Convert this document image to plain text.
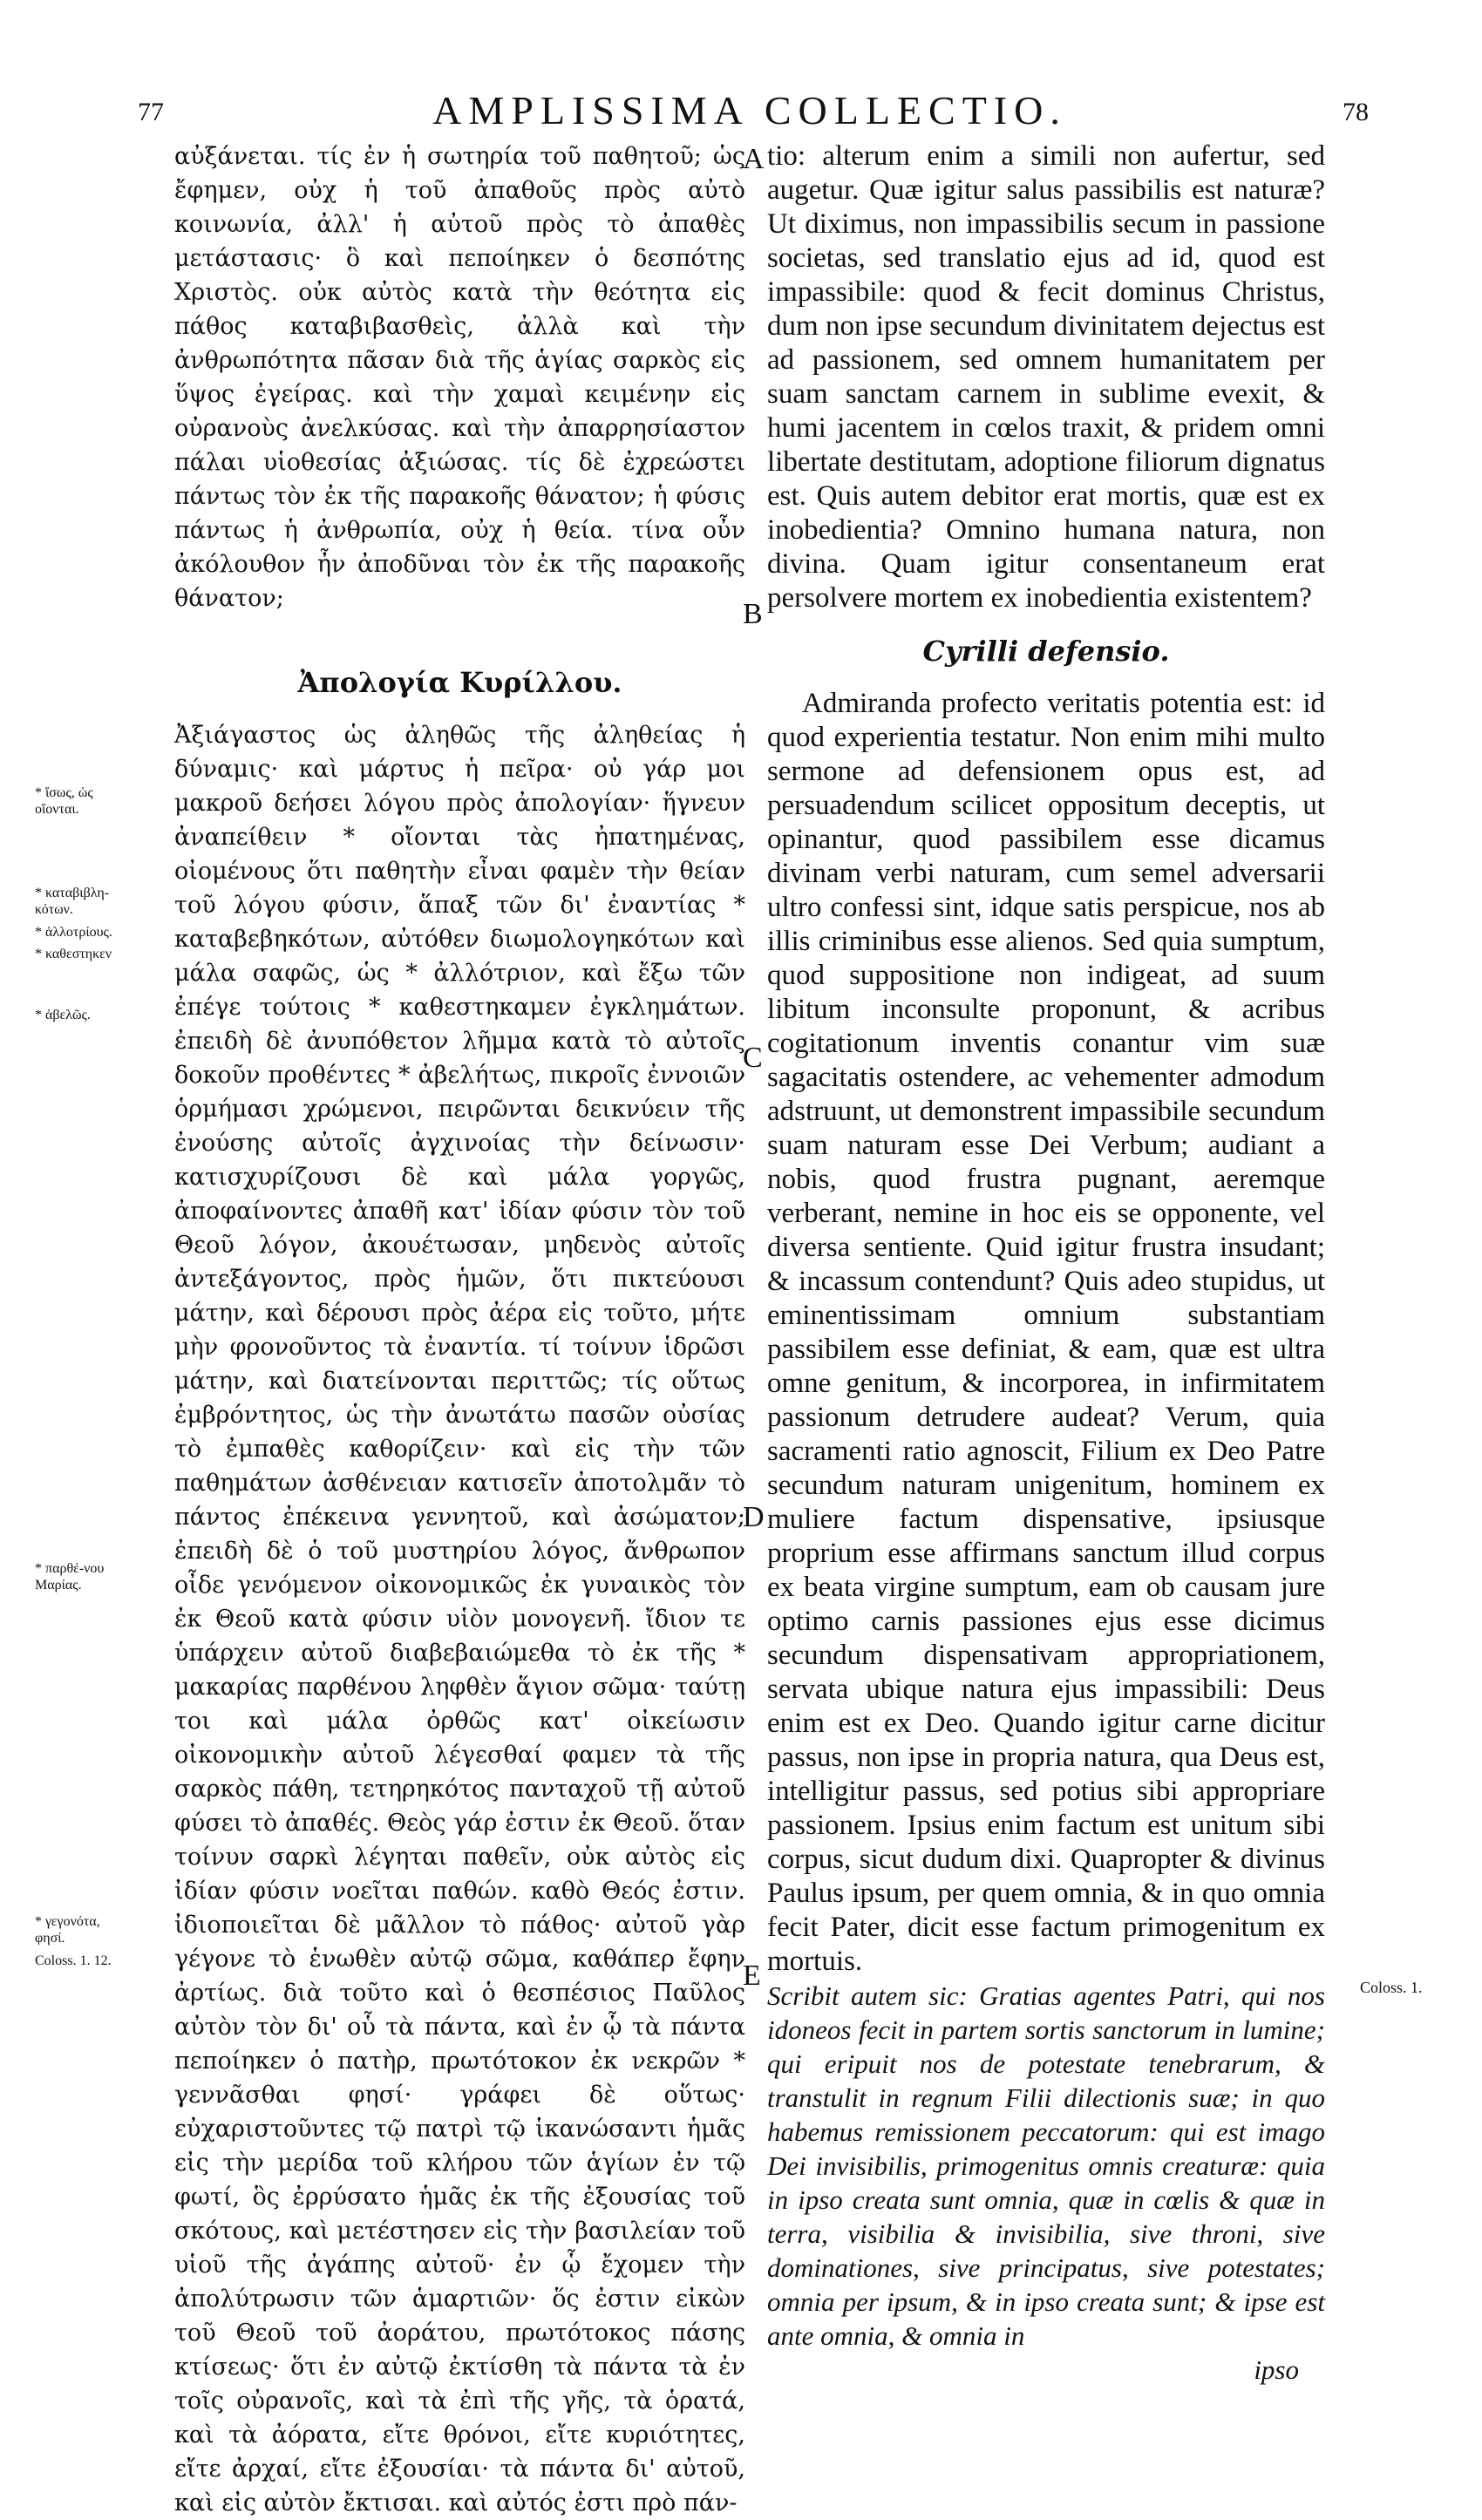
77	AMPLISSIMA COLLECTIO.	78
* ἴσως, ὡς οἴονται.
* καταβιβλη-κότων.
* ἀλλοτρίους.
* καθεστηκεν
* ἀβελῶς.
* παρθέ-νου Μαρίας.
* γεγονότα, φησί.
Coloss. 1. 12.
Coloss. 1.
A
B
C
D
E

αὐξάνεται. τίς ἐν ἡ σωτηρία τοῦ παθητοῦ; ὡς ἔφημεν, οὐχ ἡ τοῦ ἀπαθοῦς πρὸς αὐτὸ κοινωνία, ἀλλ' ἡ αὐτοῦ πρὸς τὸ ἀπαθὲς μετάστασις· ὃ καὶ πεποίηκεν ὁ δεσπότης Χριστὸς. οὐκ αὐτὸς κατὰ τὴν θεότητα εἰς πάθος καταβιβασθεὶς, ἀλλὰ καὶ τὴν ἀνθρωπότητα πᾶσαν διὰ τῆς ἁγίας σαρκὸς εἰς ὕψος ἐγείρας. καὶ τὴν χαμαὶ κειμένην εἰς οὐρανοὺς ἀνελκύσας. καὶ τὴν ἀπαρρησίαστον πάλαι υἱοθεσίας ἀξιώσας. τίς δὲ ἐχρεώστει πάντως τὸν ἐκ τῆς παρακοῆς θάνατον; ἡ φύσις πάντως ἡ ἀνθρωπία, οὐχ ἡ θεία. τίνα οὖν ἀκόλουθον ἦν ἀποδῦναι τὸν ἐκ τῆς παρακοῆς θάνατον;

Ἀπολογία Κυρίλλου.

Ἀξιάγαστος ὡς ἀληθῶς τῆς ἀληθείας ἡ δύναμις· καὶ μάρτυς ἡ πεῖρα· οὐ γάρ μοι μακροῦ δεήσει λόγου πρὸς ἀπολογίαν· ἥγνευν ἀναπείθειν * οἴονται τὰς ἠπατημένας, οἰομένους ὅτι παθητὴν εἶναι φαμὲν τὴν θείαν τοῦ λόγου φύσιν, ἅπαξ τῶν δι' ἐναντίας * καταβεβηκότων, αὐτόθεν διωμολογηκότων καὶ μάλα σαφῶς, ὡς * ἀλλότριον, καὶ ἔξω τῶν ἐπέγε τούτοις * καθεστηκαμεν ἐγκλημάτων. ἐπειδὴ δὲ ἀνυπόθετον λῆμμα κατὰ τὸ αὐτοῖς δοκοῦν προθέντες * ἀβελήτως, πικροῖς ἐννοιῶν ὁρμήμασι χρώμενοι, πειρῶνται δεικνύειν τῆς ἐνούσης αὐτοῖς ἀγχινοίας τὴν δείνωσιν· κατισχυρίζουσι δὲ καὶ μάλα γοργῶς, ἀποφαίνοντες ἀπαθῆ κατ' ἰδίαν φύσιν τὸν τοῦ Θεοῦ λόγον, ἀκουέτωσαν, μηδενὸς αὐτοῖς ἀντεξάγοντος, πρὸς ἡμῶν, ὅτι πικτεύουσι μάτην, καὶ δέρουσι πρὸς ἀέρα εἰς τοῦτο, μήτε μὴν φρονοῦντος τὰ ἐναντία. τί τοίνυν ἱδρῶσι μάτην, καὶ διατείνονται περιττῶς; τίς οὕτως ἐμβρόντητος, ὡς τὴν ἀνωτάτω πασῶν οὐσίας τὸ ἐμπαθὲς καθορίζειν· καὶ εἰς τὴν τῶν παθημάτων ἀσθένειαν κατισεῖν ἀποτολμᾶν τὸ πάντος ἐπέκεινα γεννητοῦ, καὶ ἀσώματον; ἐπειδὴ δὲ ὁ τοῦ μυστηρίου λόγος, ἄνθρωπον οἶδε γενόμενον οἰκονομικῶς ἐκ γυναικὸς τὸν ἐκ Θεοῦ κατὰ φύσιν υἱὸν μονογενῆ. ἴδιον τε ὑπάρχειν αὐτοῦ διαβεβαιώμεθα τὸ ἐκ τῆς * μακαρίας παρθένου ληφθὲν ἅγιον σῶμα· ταύτῃ τοι καὶ μάλα ὀρθῶς κατ' οἰκείωσιν οἰκονομικὴν αὐτοῦ λέγεσθαί φαμεν τὰ τῆς σαρκὸς πάθη, τετηρηκότος πανταχοῦ τῇ αὐτοῦ φύσει τὸ ἀπαθές. Θεὸς γάρ ἐστιν ἐκ Θεοῦ. ὅταν τοίνυν σαρκὶ λέγηται παθεῖν, οὐκ αὐτὸς εἰς ἰδίαν φύσιν νοεῖται παθών. καθὸ Θεός ἐστιν. ἰδιοποιεῖται δὲ μᾶλλον τὸ πάθος· αὐτοῦ γὰρ γέγονε τὸ ἑνωθὲν αὐτῷ σῶμα, καθάπερ ἔφην ἀρτίως. διὰ τοῦτο καὶ ὁ θεσπέσιος Παῦλος αὐτὸν τὸν δι' οὗ τὰ πάντα, καὶ ἐν ᾧ τὰ πάντα πεποίηκεν ὁ πατὴρ, πρωτότοκον ἐκ νεκρῶν * γεννᾶσθαι φησί· γράφει δὲ οὕτως· εὐχαριστοῦντες τῷ πατρὶ τῷ ἱκανώσαντι ἡμᾶς εἰς τὴν μερίδα τοῦ κλήρου τῶν ἁγίων ἐν τῷ φωτί, ὃς ἐρρύσατο ἡμᾶς ἐκ τῆς ἐξουσίας τοῦ σκότους, καὶ μετέστησεν εἰς τὴν βασιλείαν τοῦ υἱοῦ τῆς ἀγάπης αὐτοῦ· ἐν ᾧ ἔχομεν τὴν ἀπολύτρωσιν τῶν ἁμαρτιῶν· ὅς ἐστιν εἰκὼν τοῦ Θεοῦ τοῦ ἀοράτου, πρωτότοκος πάσης κτίσεως· ὅτι ἐν αὐτῷ ἐκτίσθη τὰ πάντα τὰ ἐν τοῖς οὐρανοῖς, καὶ τὰ ἐπὶ τῆς γῆς, τὰ ὁρατά, καὶ τὰ ἀόρατα, εἴτε θρόνοι, εἴτε κυριότητες, εἴτε ἀρχαί, εἴτε ἐξουσίαι· τὰ πάντα δι' αὐτοῦ, καὶ εἰς αὐτὸν ἔκτισαι. καὶ αὐτός ἐστι πρὸ πάν-

tio: alterum enim a simili non aufertur, sed augetur. Quæ igitur salus passibilis est naturæ? Ut diximus, non impassibilis secum in passione societas, sed translatio ejus ad id, quod est impassibile: quod & fecit dominus Christus, dum non ipse secundum divinitatem dejectus est ad passionem, sed omnem humanitatem per suam sanctam carnem in sublime evexit, & humi jacentem in cœlos traxit, & pridem omni libertate destitutam, adoptione filiorum dignatus est. Quis autem debitor erat mortis, quæ est ex inobedientia? Omnino humana natura, non divina. Quam igitur consentaneum erat persolvere mortem ex inobedientia existentem?

Cyrilli defensio.

Admiranda profecto veritatis potentia est: id quod experientia testatur. Non enim mihi multo sermone ad defensionem opus est, ad persuadendum scilicet oppositum deceptis, ut opinantur, quod passibilem esse dicamus divinam verbi naturam, cum semel adversarii ultro confessi sint, idque satis perspicue, nos ab illis criminibus esse alienos. Sed quia sumptum, quod suppositione non indigeat, ad suum libitum inconsulte proponunt, & acribus cogitationum inventis conantur vim suæ sagacitatis ostendere, ac vehementer admodum adstruunt, ut demonstrent impassibile secundum suam naturam esse Dei Verbum; audiant a nobis, quod frustra pugnant, aeremque verberant, nemine in hoc eis se opponente, vel diversa sentiente. Quid igitur frustra insudant; & incassum contendunt? Quis adeo stupidus, ut eminentissimam omnium substantiam passibilem esse definiat, & eam, quæ est ultra omne genitum, & incorporea, in infirmitatem passionum detrudere audeat? Verum, quia sacramenti ratio agnoscit, Filium ex Deo Patre secundum naturam unigenitum, hominem ex muliere factum dispensative, ipsiusque proprium esse affirmans sanctum illud corpus ex beata virgine sumptum, eam ob causam jure optimo carnis passiones ejus esse dicimus secundum dispensativam appropriationem, servata ubique natura ejus impassibili: Deus enim est ex Deo. Quando igitur carne dicitur passus, non ipse in propria natura, qua Deus est, intelligitur passus, sed potius sibi appropriare passionem. Ipsius enim factum est unitum sibi corpus, sicut dudum dixi. Quapropter & divinus Paulus ipsum, per quem omnia, & in quo omnia fecit Pater, dicit esse factum primogenitum ex mortuis.

Scribit autem sic: Gratias agentes Patri, qui nos idoneos fecit in partem sortis sanctorum in lumine; qui eripuit nos de potestate tenebrarum, & transtulit in regnum Filii dilectionis suæ; in quo habemus remissionem peccatorum: qui est imago Dei invisibilis, primogenitus omnis creaturæ: quia in ipso creata sunt omnia, quæ in cœlis & quæ in terra, visibilia & invisibilia, sive throni, sive dominationes, sive principatus, sive potestates; omnia per ipsum, & in ipso creata sunt; & ipse est ante omnia, & omnia in

ipso
